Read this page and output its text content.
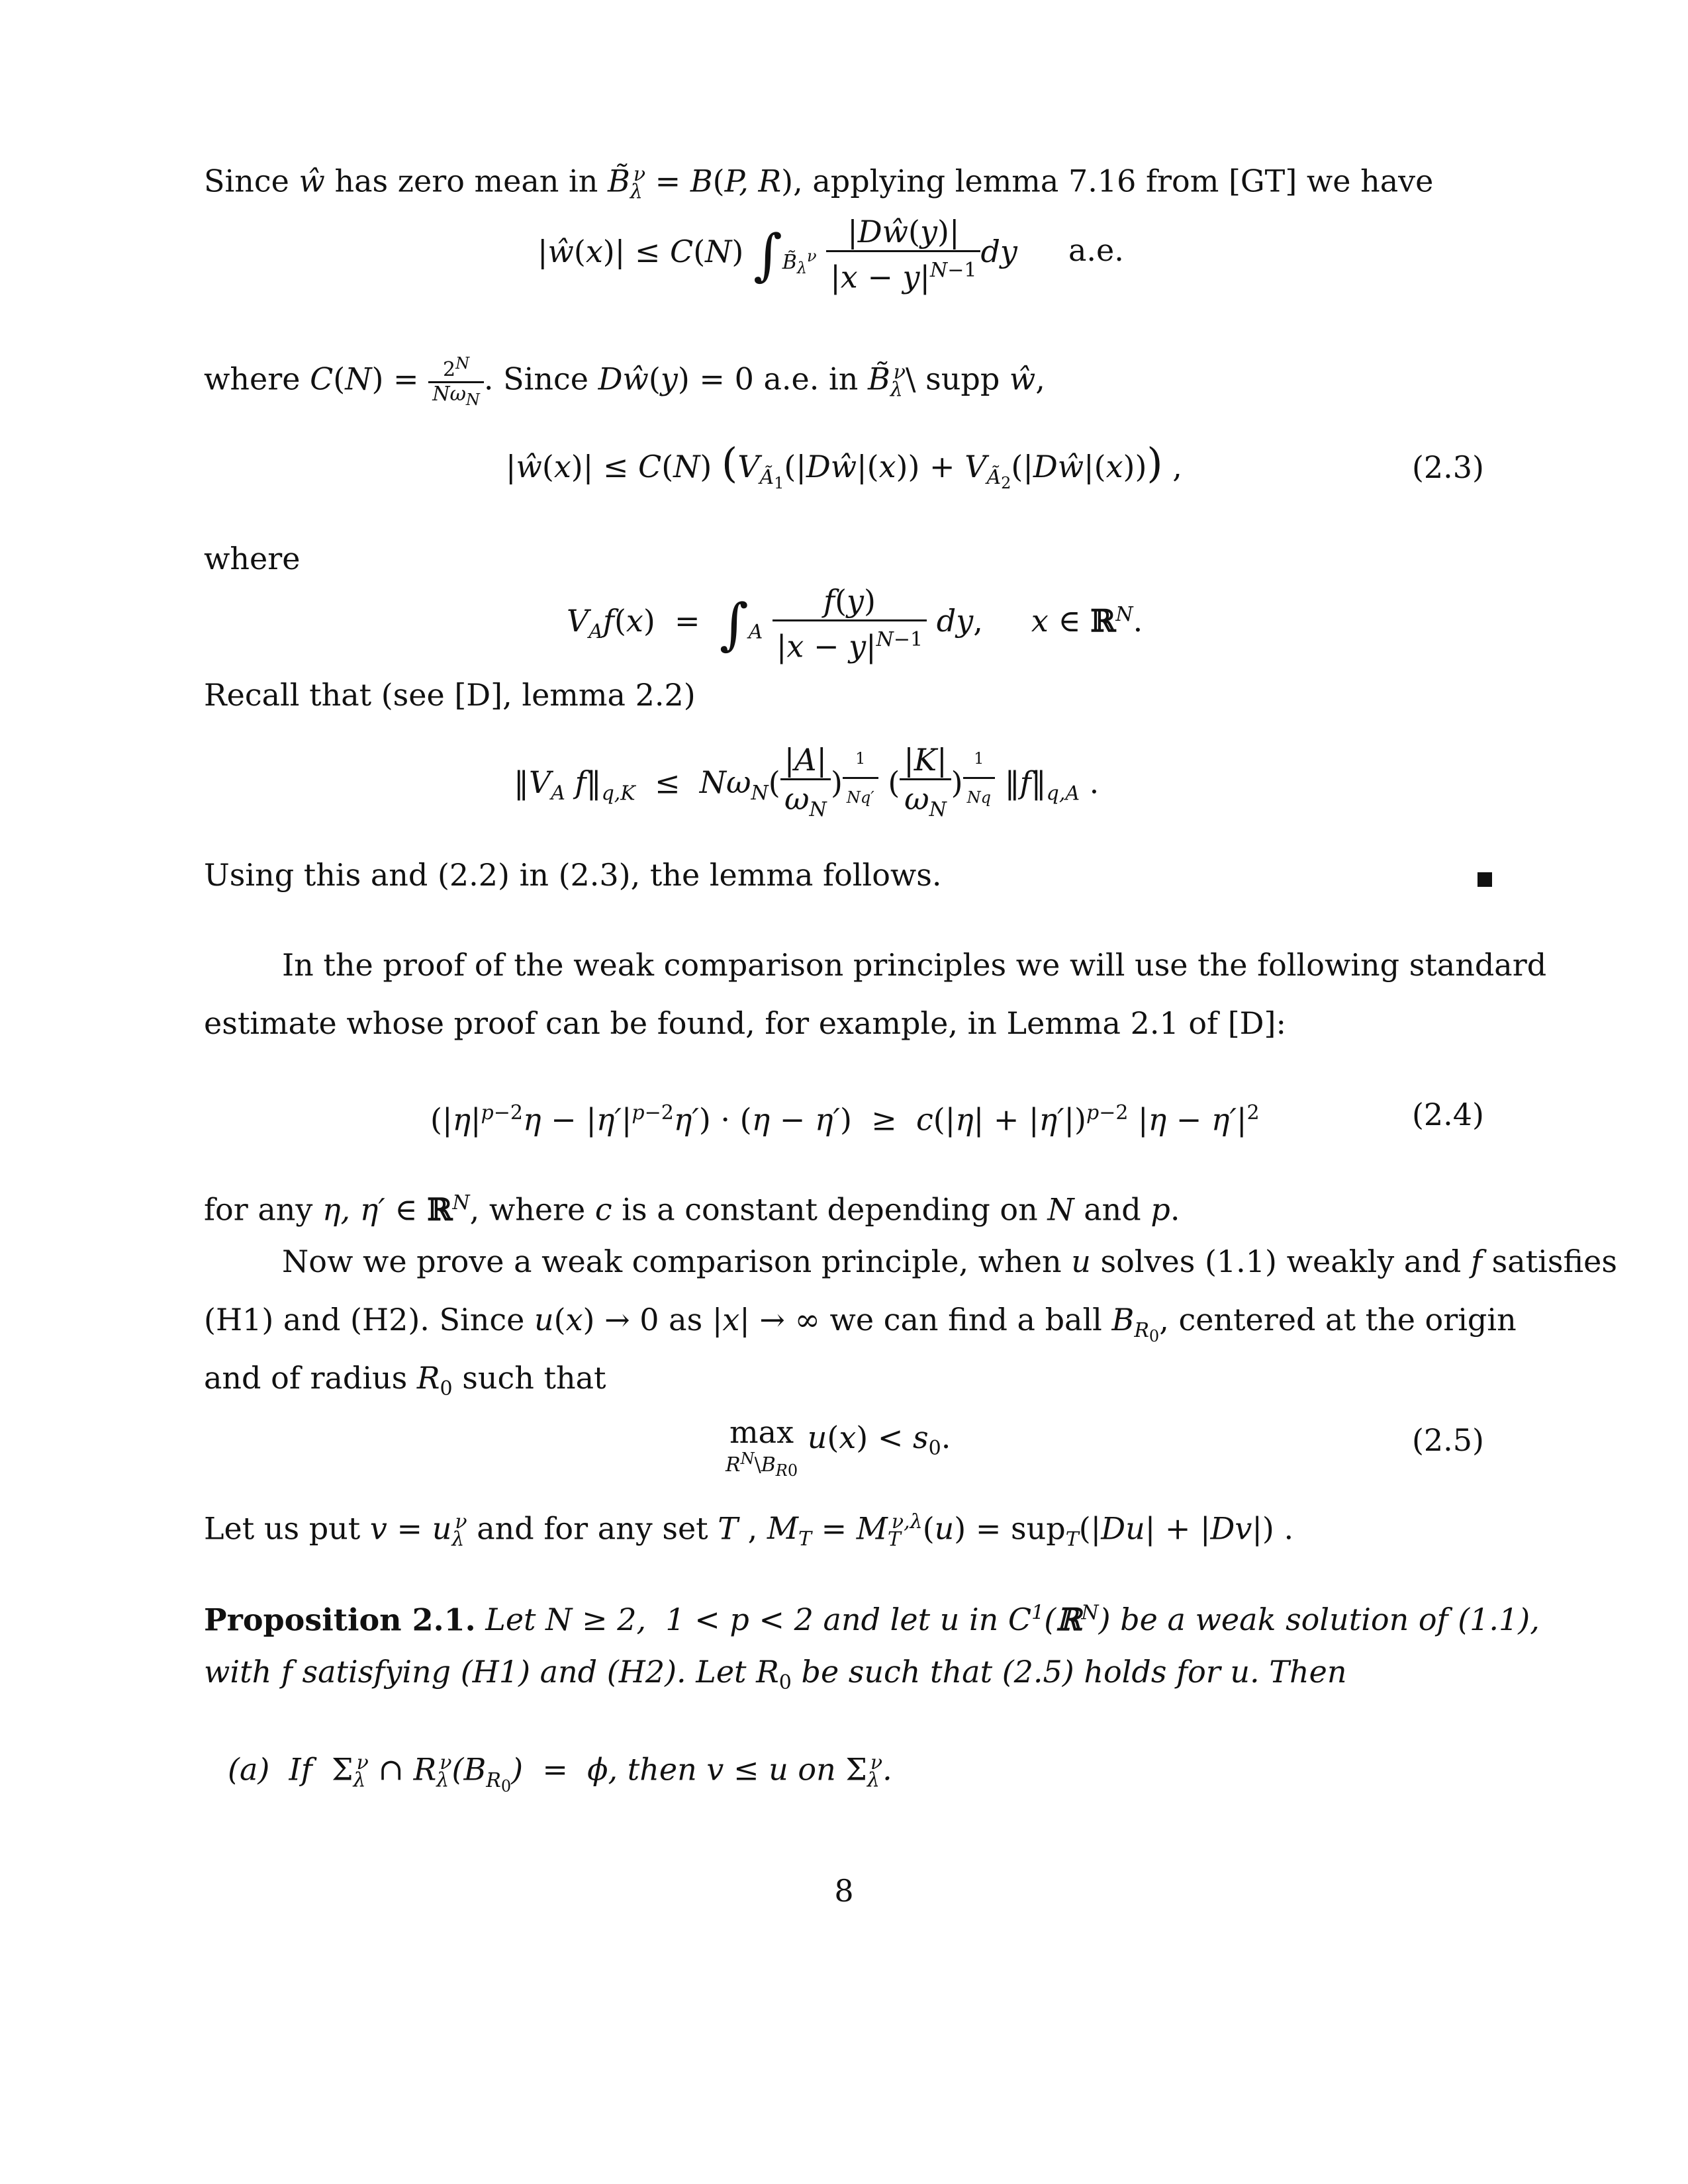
Since ŵ has zero mean in $B̃_\lambda^\nu = B(P$, R), applying lemma 7.16 from [GT] we have
|ŵ(x)| ≤ C(N) $\int_{B̃_\lambda^\nu} \frac{|Dŵ(y)|}{|x - y|^{N-1}}$ dy a.e.
where $C(N) = \frac{2^N}{N\omega_N}$ . Since Dŵ(y) = 0 a.e. in $B̃_\lambda^\nu\backslash$ supp ŵ,
|ŵ(x)| ≤ C(N) ($V_{Ã_1}(|Dŵ|(x))$ + $V_{Ã_2}(|Dŵ|(x))$) ,	(2.3)
where
$V_Af(x) = \int_A \frac{f(y)}{|x - y|^{N-1}}$ dy,     x ∈ ℝ$^N$.
Recall that (see [D], lemma 2.2)
$‖V_A$ $f‖_{q,K} \le N\omega_N( \frac{|A|}{\omega_N}$ ) $^{\frac{1}{Nq'}}$ ( $\frac{|K|}{\omega_N}$ ) $^{\frac{1}{Nq}}$ $‖f‖_{q,A}$ .
Using this and (2.2) in (2.3), the lemma follows.
In the proof of the weak comparison principles we will use the following standard
estimate whose proof can be found, for example, in Lemma 2.1 of [D]:
$(|\eta|^{p-2}\eta - |\eta'|^{p-2}\eta') \cdot (\eta - \eta') \ge c(|\eta| + |\eta'|)^{p-2}$ $|\eta - \eta'|^2$	(2.4)
for any η, η′ ∈ ℝ$^N$, where c is a constant depending on N and p.
Now we prove a weak comparison principle, when u solves (1.1) weakly and f satisfies
(H1) and (H2). Since u(x) → 0 as |x| → ∞ we can find a ball $B_{R_0}$, centered at the origin
and of radius $R_0$ such that
max
$R^N\backslash B_{R0}$ $u(x) < s_0$.	(2.5)
Let us put $v = u_\lambda^\nu$ and for any set T , $M_T = M_T^{\nu,\lambda}(u) = sup_T(|Du| + |Dv|)$ .
Proposition 2.1. Let N ≥ 2,  1 < p < 2 and let u in $C^1(ℝ^N)$ be a weak solution of (1.1),
with f satisfying (H1) and (H2). Let $R_0$ be such that (2.5) holds for u. Then
(a)  If  $\Sigma_\lambda^\nu$ ∩ $R_\lambda^\nu(B_{R_0}) = \phi$, then v ≤ u on $\Sigma_\lambda^\nu$.
8
